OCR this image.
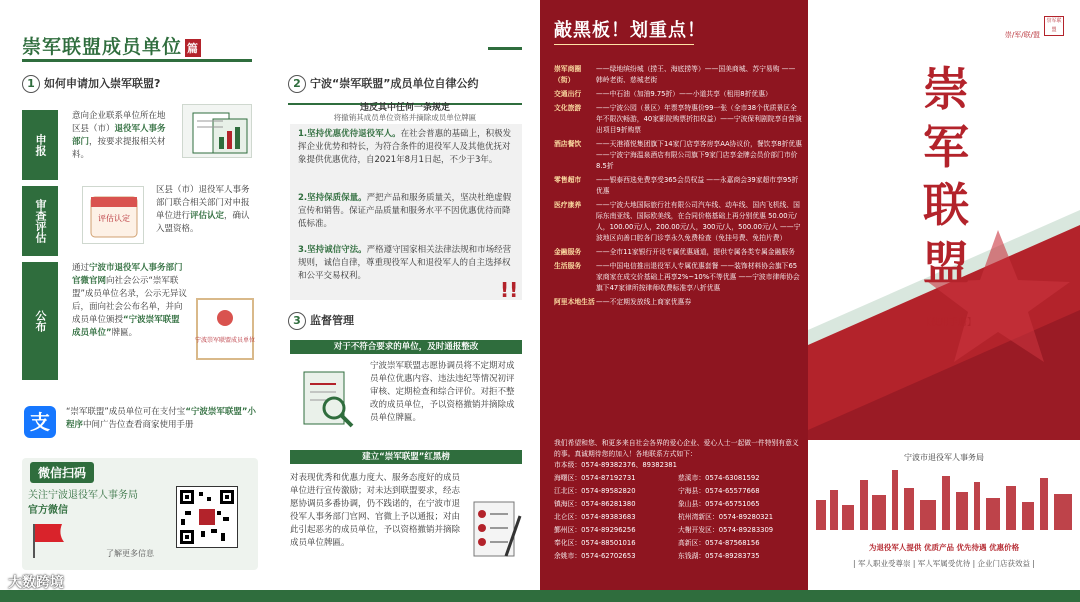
崇军联盟成员单位 篇
1 如何申请加入崇军联盟?
申报
意向企业联系单位所在地区县（市）退役军人事务部门，按要求提报相关材料。
审查评估	评估认定
区县（市）退役军人事务部门联合相关部门对申报单位进行评估认定，确认入盟资格。
公布
通过宁波市退役军人事务部门官微官网向社会公示“崇军联盟”成员单位名录，公示无异议后，面向社会公布名单，并向成员单位颁授“宁波崇军联盟成员单位”牌匾。
宁波崇军联盟成员单位
支	“崇军联盟”成员单位可在支付宝“宁波崇军联盟”小程序中间广告位查看商家使用手册
微信扫码
关注宁波退役军人事务局
官方微信
了解更多信息
2 宁波“崇军联盟”成员单位自律公约
违反其中任何一条规定
将撤销其成员单位资格并摘除成员单位牌匾
1.坚持优惠优待退役军人。在社会普惠的基础上，积极发挥企业优势和特长，为符合条件的退役军人及其他优抚对象提供优惠优待，自2021年8月1日起，不少于3年。
2.坚持保质保量。严把产品和服务质量关，坚决杜绝虚假宣传和销售。保证产品质量和服务水平不因优惠优待而降低标准。
3.坚持诚信守法。严格遵守国家相关法律法规和市场经营规则，诚信自律，尊重现役军人和退役军人的自主选择权和公平交易权利。
!!
3 监督管理
对于不符合要求的单位，及时通报整改
宁波崇军联盟志愿协调员将不定期对成员单位优惠内容、违法违纪等情况初评审核、定期检查和综合评价。对拒不整改的成员单位，予以资格撤销并摘除成员单位牌匾。
建立“崇军联盟”红黑榜
对表现优秀和优惠力度大、服务态度好的成员单位进行宣传激励；对未达到联盟要求，经志愿协调员多番协调，仍不践诺的，在宁波市退役军人事务部门官网、官微上予以通报；对由此引起恶劣的成员单位，予以资格撤销并摘除成员单位牌匾。
敲黑板！划重点！
崇军商圈（街）
——绿地缤纷城（捞王、海底捞等）——国美商城、苏宁易购 ——韩岭老街、慈城老街
交通出行	——中石油（加油9.75折）——小道共享（租用8折优惠）
文化旅游	——宁波公园（景区）年票享特惠价99一张（全市38个优质景区全年不限次畅游，40家影院购票折扣权益）——宁波保利剧院享自营演出项目9折购票
酒店餐饮	——天港禧悦集团旗下14家门店享客房享AA协议价，餐饮享8折优惠 ——宁波宁海温泉酒店有限公司旗下9家门店享金牌会员价部门市价8.5折
零售超市	——银泰西选免费享受365会员权益 ——永嘉商会39家超市享95折优惠
医疗康养	——宁波大地国际旅行社有限公司汽车线、动车线、国内飞机线、国际东南亚线、国际欧美线，在合同价格基础上再分别优惠 50.00元/人，100.00元/人，200.00元/人，300元/人，500.00元/人 ——宁波地区向善口腔各门诊享永久免费检查（免挂号费、免拍片费）
金融服务	——全市11家银行开设专属优惠通道，提供专属各类专属金融服务
生活服务	——中国电信推出退役军人专属优惠套餐 ——装饰材料协会旗下65家商家在成交价基础上再享2%~10%不等优惠 ——宁波市律师协会旗下47家律所按律师收费标准享八折优惠
阿里本地生活 ——不定期发放线上商家优惠券
我们希望和您、和更多来自社会各界的爱心企业、爱心人士一起做一件特别有意义的事。真诚期待您的加入！各地联系方式如下：
市本级：0574-89382376、89382381
海曙区：0574-87192731	慈溪市：0574-63081592
江北区：0574-89582820	宁海县：0574-65577668
镇海区：0574-86281380	象山县：0574-65751065
北仑区：0574-89383683	杭州湾新区：0574-89280321
鄞州区：0574-89296256	大榭开发区：0574-89283309
奉化区：0574-88501016	高新区：0574-87568156
余姚市：0574-62702653	东钱湖：0574-89283735
崇军联盟
崇/军/联/盟
崇
军
联
盟
【使用手册】
宁波市退役军人事务局
为退役军人提供 优质产品 优先待遇 优惠价格
| 军人职业受尊崇 | 军人军属受优待 | 企业门店获效益 |
大数跨境
